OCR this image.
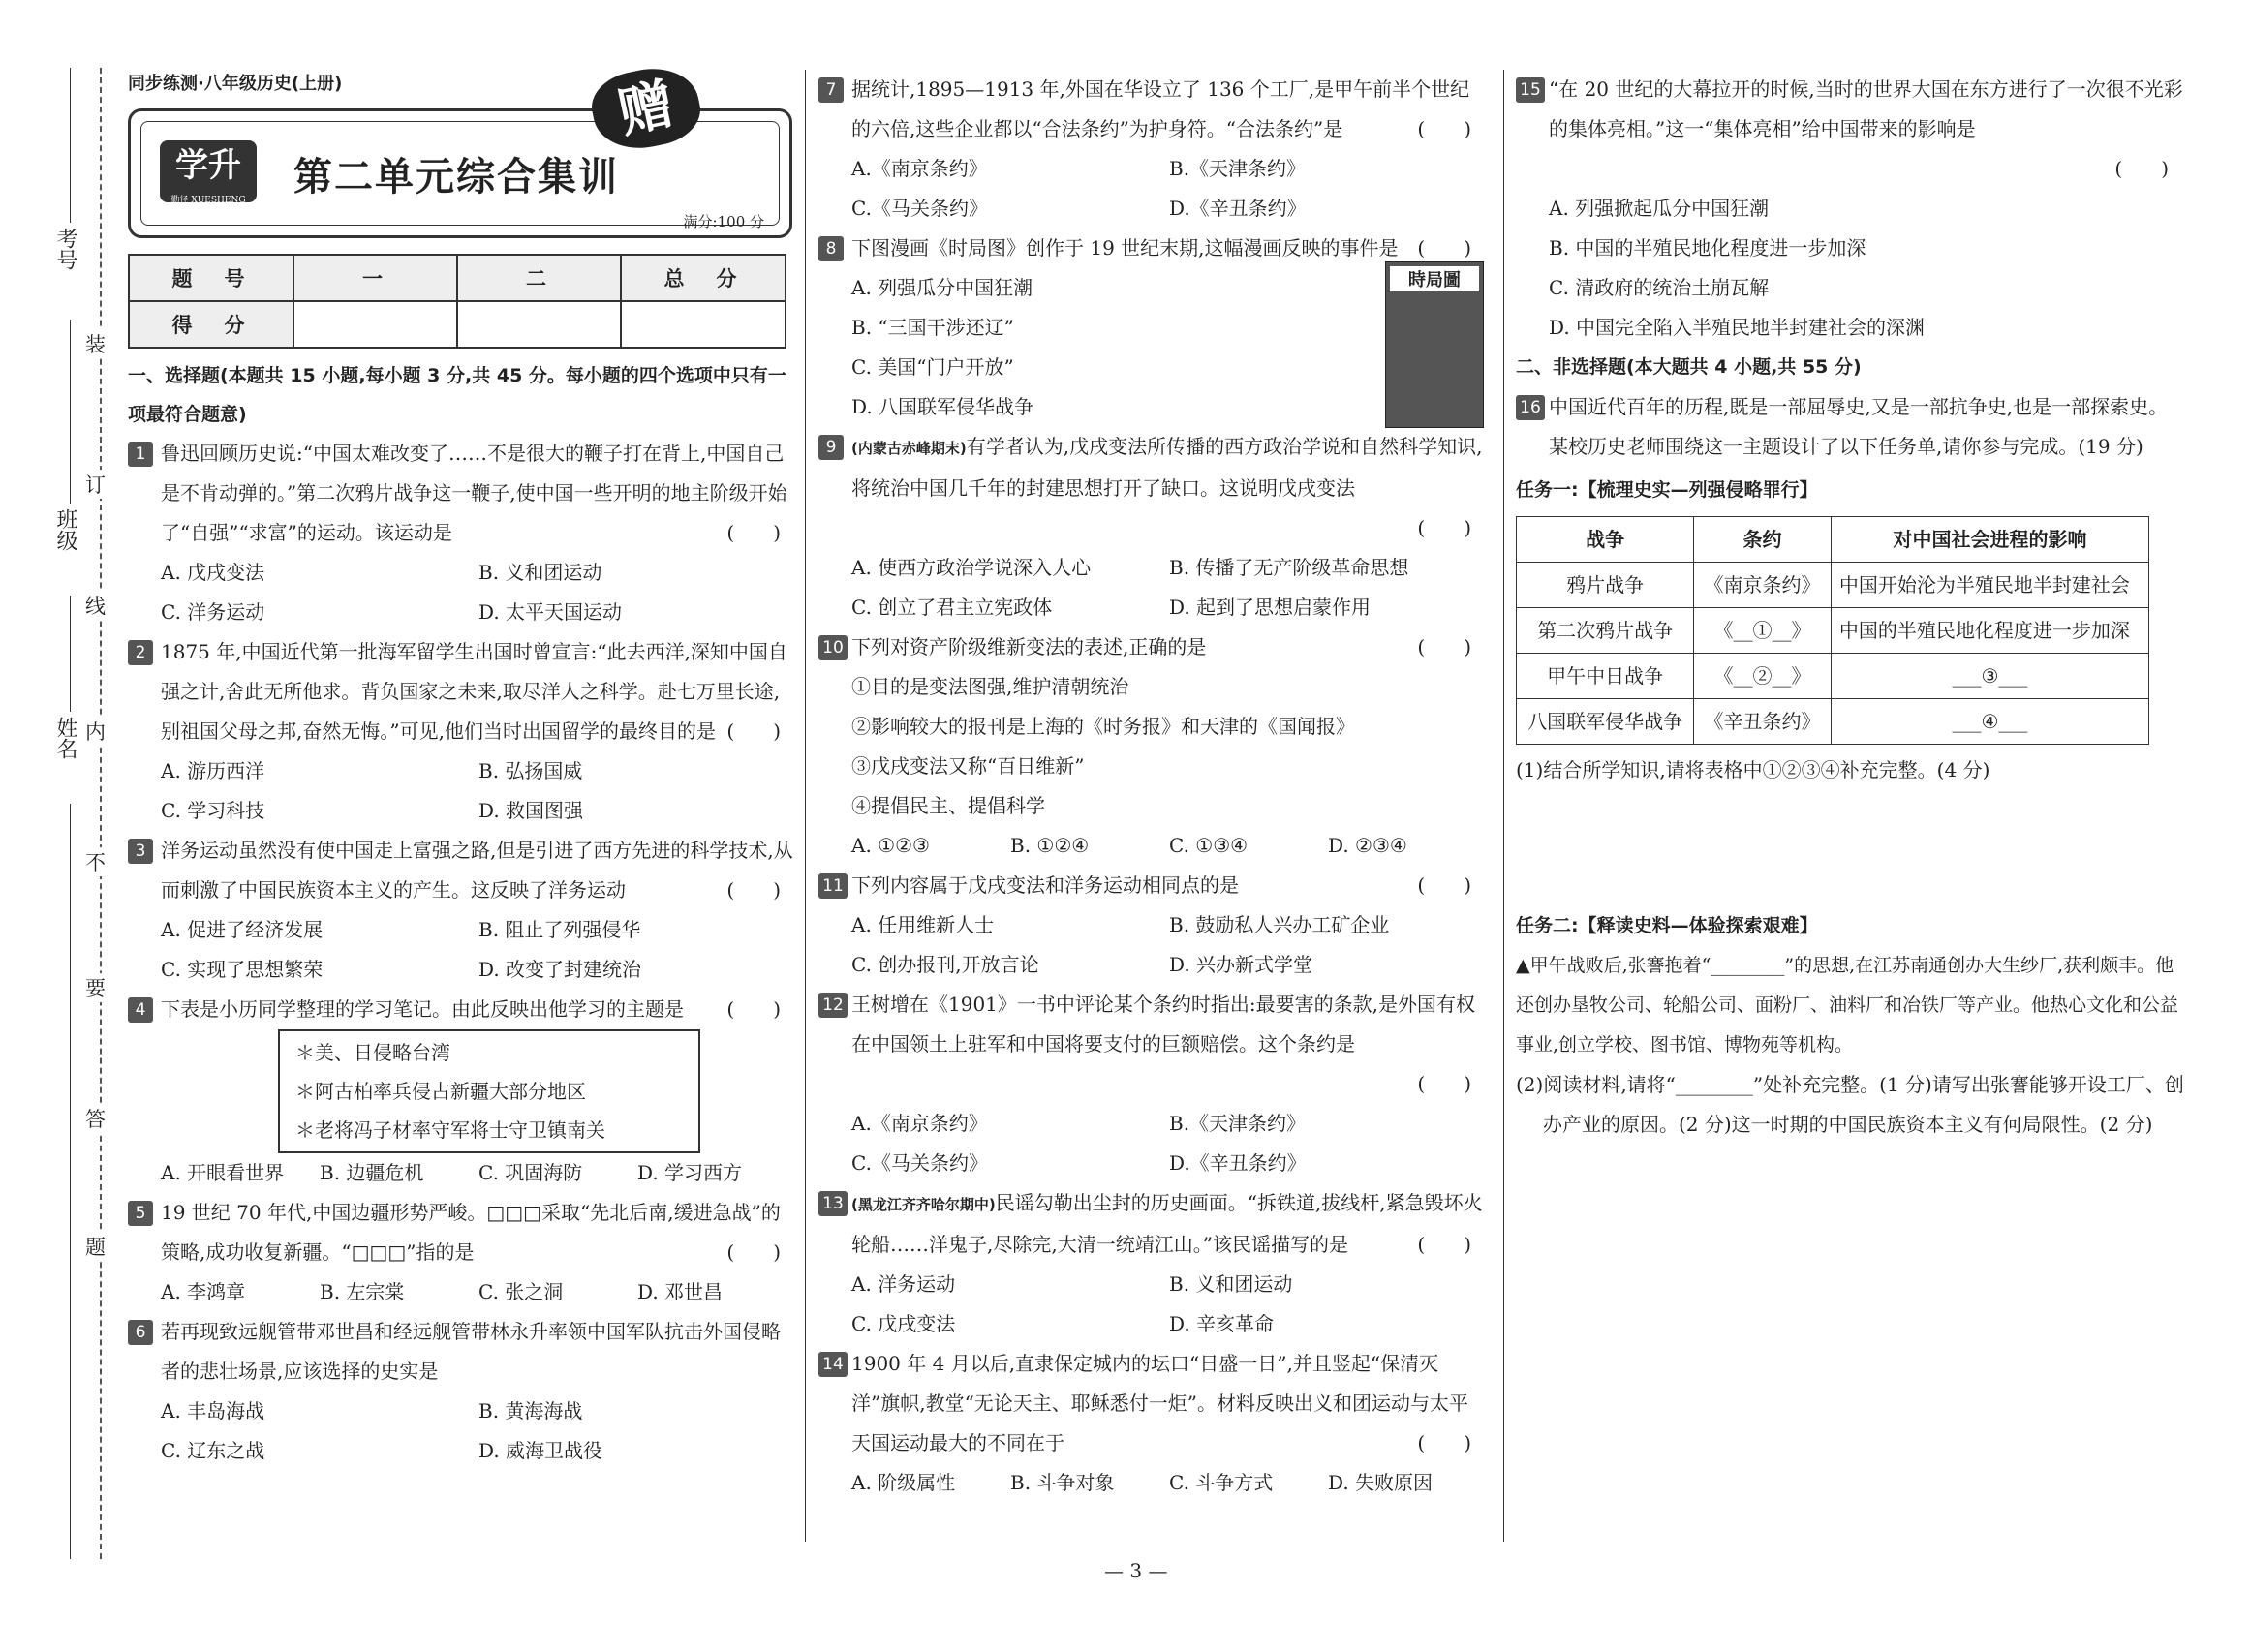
考号
班级
姓名
装
订
线
内
不
要
答
题
同步练测·八年级历史(上册)
学升
勤径 XUESHENG
第二单元综合集训
满分:100 分
赠
题　号	一	二	总　分
得　分			
一、选择题(本题共 15 小题,每小题 3 分,共 45 分。每小题的四个选项中只有一项最符合题意)
1 鲁迅回顾历史说:“中国太难改变了……不是很大的鞭子打在背上,中国自己是不肯动弹的。”第二次鸦片战争这一鞭子,使中国一些开明的地主阶级开始了“自强”“求富”的运动。该运动是	(　　)
A. 戊戌变法	B. 义和团运动
C. 洋务运动	D. 太平天国运动
2 1875 年,中国近代第一批海军留学生出国时曾宣言:“此去西洋,深知中国自强之计,舍此无所他求。背负国家之未来,取尽洋人之科学。赴七万里长途,别祖国父母之邦,奋然无悔。”可见,他们当时出国留学的最终目的是 (　　)
A. 游历西洋	B. 弘扬国威
C. 学习科技	D. 救国图强
3 洋务运动虽然没有使中国走上富强之路,但是引进了西方先进的科学技术,从而刺激了中国民族资本主义的产生。这反映了洋务运动	(　　)
A. 促进了经济发展	B. 阻止了列强侵华
C. 实现了思想繁荣	D. 改变了封建统治
4 下表是小历同学整理的学习笔记。由此反映出他学习的主题是 (　　)
＊美、日侵略台湾
＊阿古柏率兵侵占新疆大部分地区
＊老将冯子材率守军将士守卫镇南关
A. 开眼看世界	B. 边疆危机	C. 巩固海防	D. 学习西方
5 19 世纪 70 年代,中国边疆形势严峻。□□□采取“先北后南,缓进急战”的策略,成功收复新疆。“□□□”指的是	(　　)
A. 李鸿章	B. 左宗棠	C. 张之洞	D. 邓世昌
6 若再现致远舰管带邓世昌和经远舰管带林永升率领中国军队抗击外国侵略者的悲壮场景,应该选择的史实是
A. 丰岛海战	B. 黄海海战
C. 辽东之战	D. 威海卫战役
7 据统计,1895—1913 年,外国在华设立了 136 个工厂,是甲午前半个世纪的六倍,这些企业都以“合法条约”为护身符。“合法条约”是	(　　)
A.《南京条约》	B.《天津条约》
C.《马关条约》	D.《辛丑条约》
8 下图漫画《时局图》创作于 19 世纪末期,这幅漫画反映的事件是 (　　)
A. 列强瓜分中国狂潮
B. “三国干涉还辽”
C. 美国“门户开放”
D. 八国联军侵华战争
9	(内蒙古赤峰期末)有学者认为,戊戌变法所传播的西方政治学说和自然科学知识,将统治中国几千年的封建思想打开了缺口。这说明戊戌变法
(　　)
A. 使西方政治学说深入人心	B. 传播了无产阶级革命思想
C. 创立了君主立宪政体	D. 起到了思想启蒙作用
10 下列对资产阶级维新变法的表述,正确的是	(　　)
①目的是变法图强,维护清朝统治
②影响较大的报刊是上海的《时务报》和天津的《国闻报》
③戊戌变法又称“百日维新”
④提倡民主、提倡科学
A. ①②③	B. ①②④	C. ①③④	D. ②③④
11 下列内容属于戊戌变法和洋务运动相同点的是	(　　)
A. 任用维新人士	B. 鼓励私人兴办工矿企业
C. 创办报刊,开放言论	D. 兴办新式学堂
12 王树增在《1901》一书中评论某个条约时指出:最要害的条款,是外国有权在中国领土上驻军和中国将要支付的巨额赔偿。这个条约是
(　　)
A.《南京条约》	B.《天津条约》
C.《马关条约》	D.《辛丑条约》
13 (黑龙江齐齐哈尔期中)民谣勾勒出尘封的历史画面。“拆铁道,拔线杆,紧急毁坏火轮船……洋鬼子,尽除完,大清一统靖江山。”该民谣描写的是	(　　)
A. 洋务运动	B. 义和团运动
C. 戊戌变法	D. 辛亥革命
14 1900 年 4 月以后,直隶保定城内的坛口“日盛一日”,并且竖起“保清灭洋”旗帜,教堂“无论天主、耶稣悉付一炬”。材料反映出义和团运动与太平天国运动最大的不同在于	(　　)
A. 阶级属性	B. 斗争对象	C. 斗争方式	D. 失败原因
時局圖
15 “在 20 世纪的大幕拉开的时候,当时的世界大国在东方进行了一次很不光彩的集体亮相。”这一“集体亮相”给中国带来的影响是
(　　)
A. 列强掀起瓜分中国狂潮
B. 中国的半殖民地化程度进一步加深
C. 清政府的统治土崩瓦解
D. 中国完全陷入半殖民地半封建社会的深渊
二、非选择题(本大题共 4 小题,共 55 分)
16 中国近代百年的历程,既是一部屈辱史,又是一部抗争史,也是一部探索史。某校历史老师围绕这一主题设计了以下任务单,请你参与完成。(19 分)
任务一:【梳理史实—列强侵略罪行】
战争	条约	对中国社会进程的影响
鸦片战争	《南京条约》	中国开始沦为半殖民地半封建社会
第二次鸦片战争	《__①__》	中国的半殖民地化程度进一步加深
甲午中日战争	《__②__》	___③___
八国联军侵华战争	《辛丑条约》	___④___
(1)结合所学知识,请将表格中①②③④补充完整。(4 分)
任务二:【释读史料—体验探索艰难】
▲甲午战败后,张謇抱着“________”的思想,在江苏南通创办大生纱厂,获利颇丰。他还创办垦牧公司、轮船公司、面粉厂、油料厂和冶铁厂等产业。他热心文化和公益事业,创立学校、图书馆、博物苑等机构。
(2)阅读材料,请将“________”处补充完整。(1 分)请写出张謇能够开设工厂、创办产业的原因。(2 分)这一时期的中国民族资本主义有何局限性。(2 分)
— 3 —
